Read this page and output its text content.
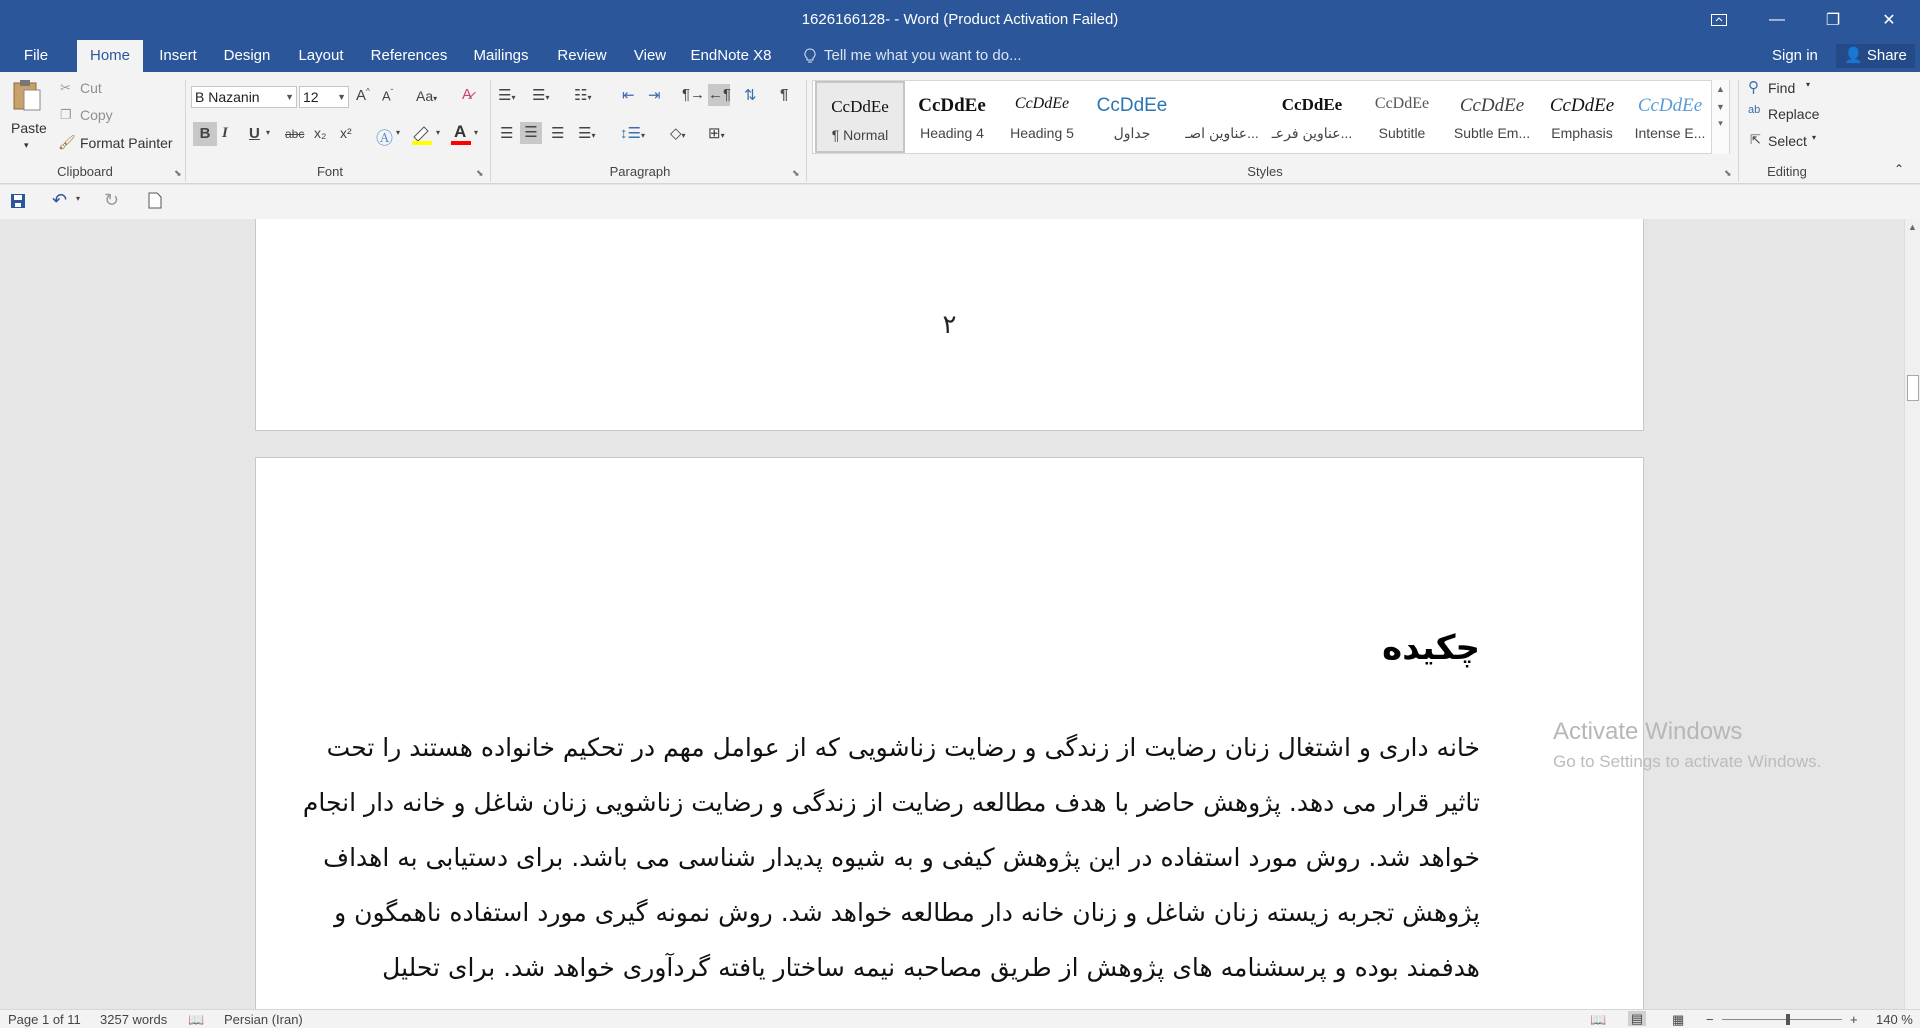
1626166128- - Word (Product Activation Failed)	—	❐	✕
File	Home	Insert	Design	Layout	References	Mailings	Review	View	EndNote X8	Tell me what you want to do...	Sign in	👤 Share
Paste
▾
✂ Cut
❐ Copy
🖌 Format Painter
Clipboard	⬊
B Nazanin	▼ 12 ▼ A^ $A^ˇ$ Aa▾ A̷
B I U ▾ abc x₂ x² Ⓐ ▾	▾ A ▾
Font	⬊
☰▾ ☰▾ ☷▾ ⇤ ⇥ ¶→ ←¶ ⇅ ¶
☰ ☰ ☰ ☰▾ ↕☰▾ ◇▾ ⊞▾
Paragraph	⬊
CcDdEe
¶ Normal
CcDdEe
Heading 4
CcDdEe
Heading 5
CcDdEe
جداول	عناوین اصـ...
CcDdEe
عناوین فرعـ...
CcDdEe
Subtitle
CcDdEe
Subtle Em...
CcDdEe
Emphasis
CcDdEe
Intense E...
▲
▼
▾
Styles	⬊
⚲ Find ▾
ab Replace
⇱ Select ▾
Editing	⌃
↶ ▾ ↻
۲
چکیده
خانه داری و اشتغال زنان رضایت از زندگی و رضایت زناشویی که از عوامل مهم در تحکیم خانواده هستند را تحت
تاثیر قرار می دهد. پژوهش حاضر با هدف مطالعه رضایت از زندگی و رضایت زناشویی زنان شاغل و خانه دار انجام
خواهد شد. روش مورد استفاده در این پژوهش کیفی و به شیوه پدیدار شناسی می باشد. برای دستیابی به اهداف
پژوهش تجربه زیسته زنان شاغل و زنان خانه دار مطالعه خواهد شد. روش نمونه گیری مورد استفاده ناهمگون و
هدفمند بوده و پرسشنامه های پژوهش از طریق مصاحبه نیمه ساختار یافته گردآوری خواهد شد. برای تحلیل
Activate Windows
Go to Settings to activate Windows.
▲
Page 1 of 11 3257 words 📖 Persian (Iran)	📖 ▤ ▦ −	+ 140 %
